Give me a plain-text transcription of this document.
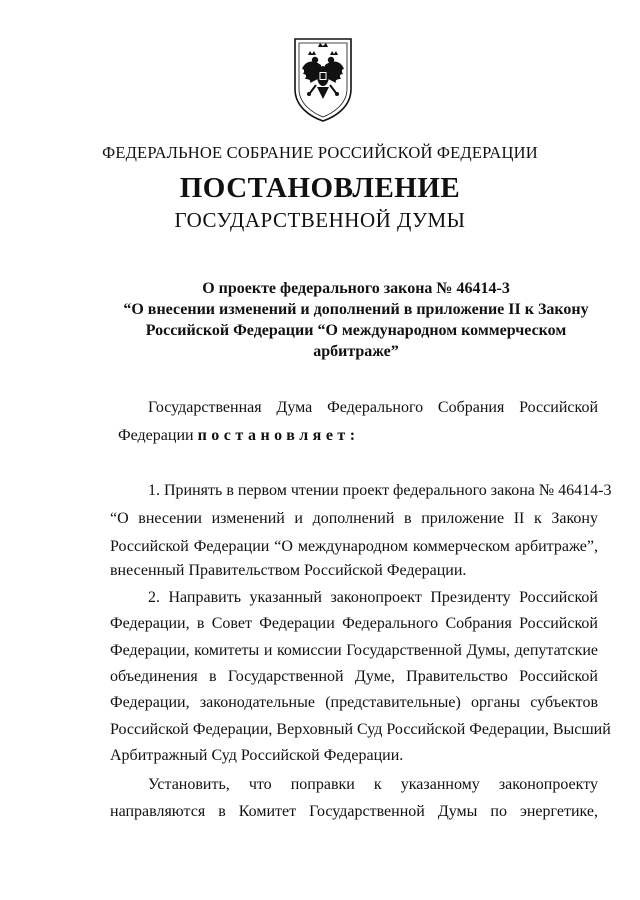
ФЕДЕРАЛЬНОЕ СОБРАНИЕ РОССИЙСКОЙ ФЕДЕРАЦИИ
ПОСТАНОВЛЕНИЕ
ГОСУДАРСТВЕННОЙ ДУМЫ
О проекте федерального закона № 46414-3
“О внесении изменений и дополнений в приложение II к Закону
Российской Федерации “О международном коммерческом
арбитраже”
Государственная Дума Федерального Собрания Российской
Федерации постановляет:
1. Принять в первом чтении проект федерального закона № 46414-3
“О внесении изменений и дополнений в приложение II к Закону
Российской Федерации “О международном коммерческом арбитраже”,
внесенный Правительством Российской Федерации.
2. Направить указанный законопроект Президенту Российской
Федерации, в Совет Федерации Федерального Собрания Российской
Федерации, комитеты и комиссии Государственной Думы, депутатские
объединения в Государственной Думе, Правительство Российской
Федерации, законодательные (представительные) органы субъектов
Российской Федерации, Верховный Суд Российской Федерации, Высший
Арбитражный Суд Российской Федерации.
Установить, что поправки к указанному законопроекту
направляются в Комитет Государственной Думы по энергетике,
